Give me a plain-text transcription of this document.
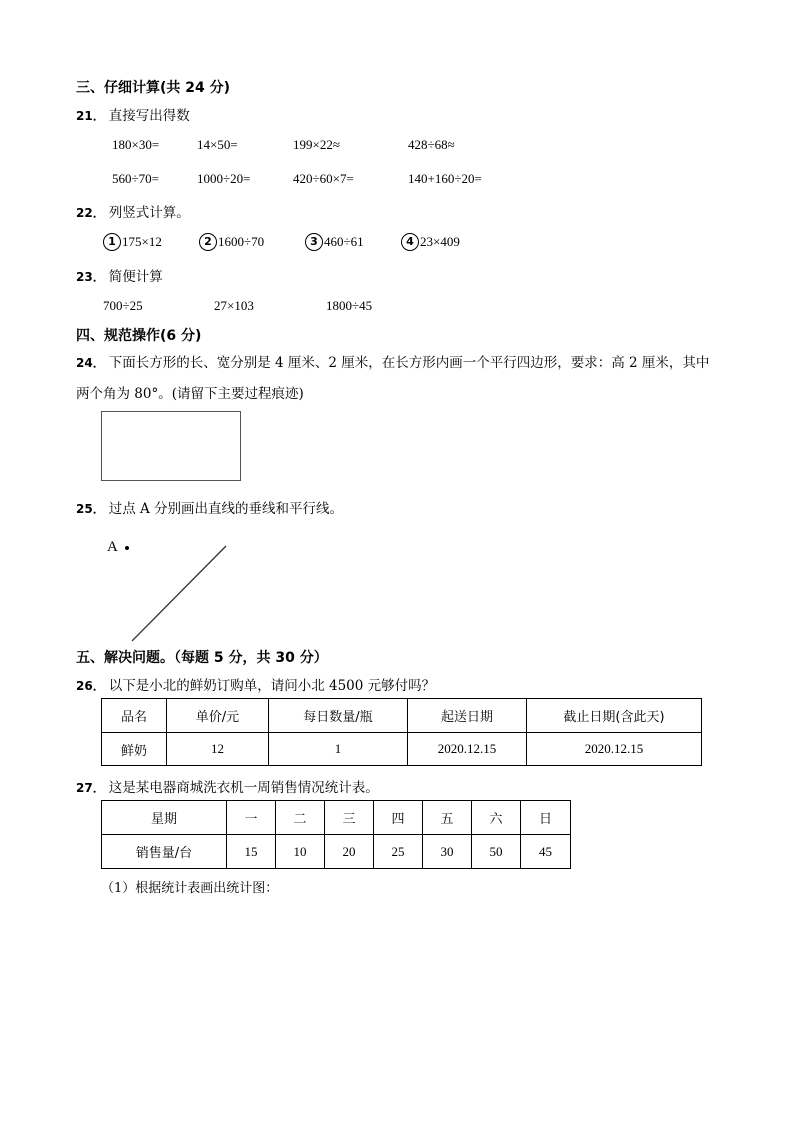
三、仔细计算(共 24 分)
21． 直接写出得数
180×30=	14×50=	199×22≈	428÷68≈
560÷70=	1000÷20=	420÷60×7=	140+160÷20=
22． 列竖式计算。
1 175×12	2 1600÷70	3 460÷61	4 23×409
23． 简便计算
700÷25	27×103	1800÷45
四、规范操作(6 分)
24． 下面长方形的长、宽分别是 4 厘米、2 厘米，在长方形内画一个平行四边形，要求：高 2 厘米，其中
两个角为 80°。(请留下主要过程痕迹)
25． 过点 A 分别画出直线的垂线和平行线。
A
五、解决问题。（每题 5 分，共 30 分）
26． 以下是小北的鲜奶订购单，请问小北 4500 元够付吗？
品名	单价/元	每日数量/瓶	起送日期	截止日期(含此天)
鲜奶	12	1	2020.12.15	2020.12.15
27． 这是某电器商城洗衣机一周销售情况统计表。
星期	一	二	三	四	五	六	日
销售量/台	15	10	20	25	30	50	45
（1）根据统计表画出统计图：
